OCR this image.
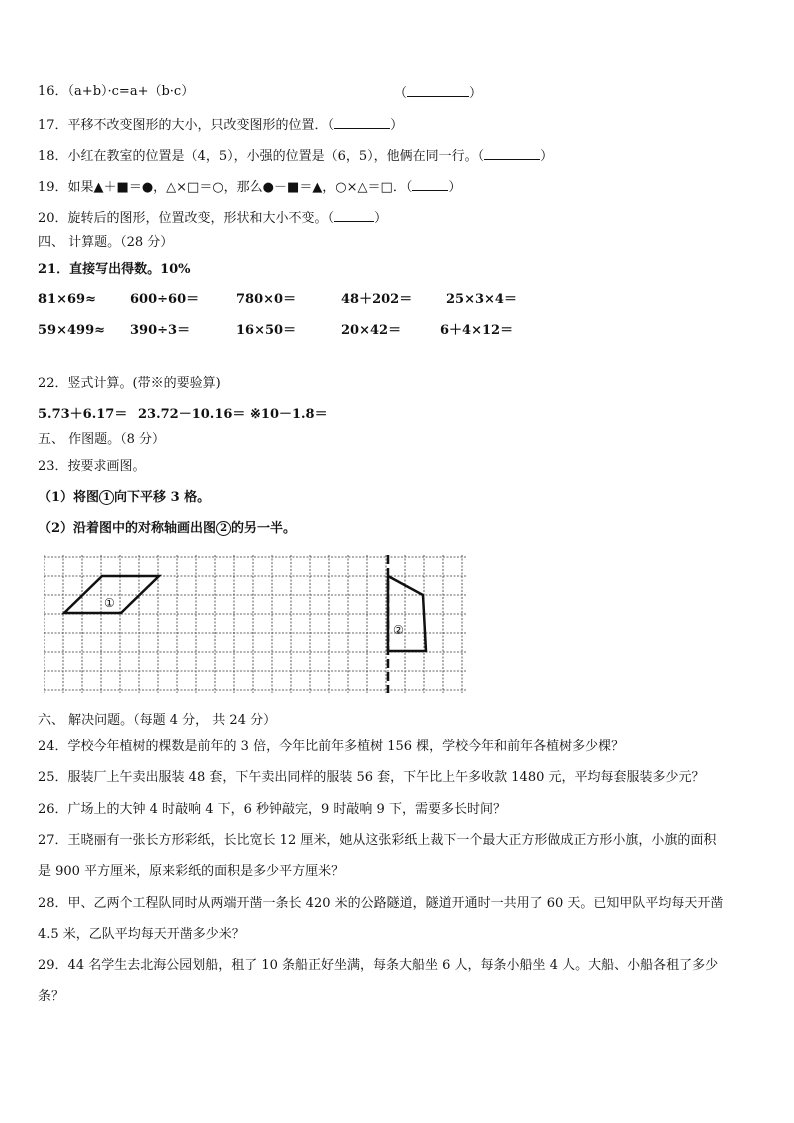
16．（a+b）·c=a+（b·c）	（	）
17．平移不改变图形的大小，只改变图形的位置．（	）
18．小红在教室的位置是（4，5），小强的位置是（6，5），他俩在同一行。（	）
19．如果▲＋■＝●，△×□＝○，那么●－■＝▲，○×△＝□．（	）
20．旋转后的图形，位置改变，形状和大小不变。（	）
四、 计算题。（28 分）
21．直接写出得数。10%
81×69≈	600÷60＝	780×0＝	48＋202＝	25×3×4＝
59×499≈ 390÷3＝	16×50＝	20×42＝	6＋4×12＝
22．竖式计算。(带※的要验算)
5.73＋6.17＝ 23.72－10.16＝ ※10－1.8＝
五、 作图题。（8 分）
23．按要求画图。
（1）将图 1 向下平移 3 格。
（2）沿着图中的对称轴画出图 2 的另一半。
①
②
六、 解决问题。（每题 4 分， 共 24 分）
24．学校今年植树的棵数是前年的 3 倍，今年比前年多植树 156 棵，学校今年和前年各植树多少棵？
25．服装厂上午卖出服装 48 套，下午卖出同样的服装 56 套，下午比上午多收款 1480 元，平均每套服装多少元？
26．广场上的大钟 4 时敲响 4 下，6 秒钟敲完，9 时敲响 9 下，需要多长时间？
27．王晓丽有一张长方形彩纸，长比宽长 12 厘米，她从这张彩纸上裁下一个最大正方形做成正方形小旗，小旗的面积
是 900 平方厘米，原来彩纸的面积是多少平方厘米？
28．甲、乙两个工程队同时从两端开凿一条长 420 米的公路隧道，隧道开通时一共用了 60 天。已知甲队平均每天开凿
4.5 米，乙队平均每天开凿多少米？
29．44 名学生去北海公园划船，租了 10 条船正好坐满，每条大船坐 6 人，每条小船坐 4 人。大船、小船各租了多少
条？
